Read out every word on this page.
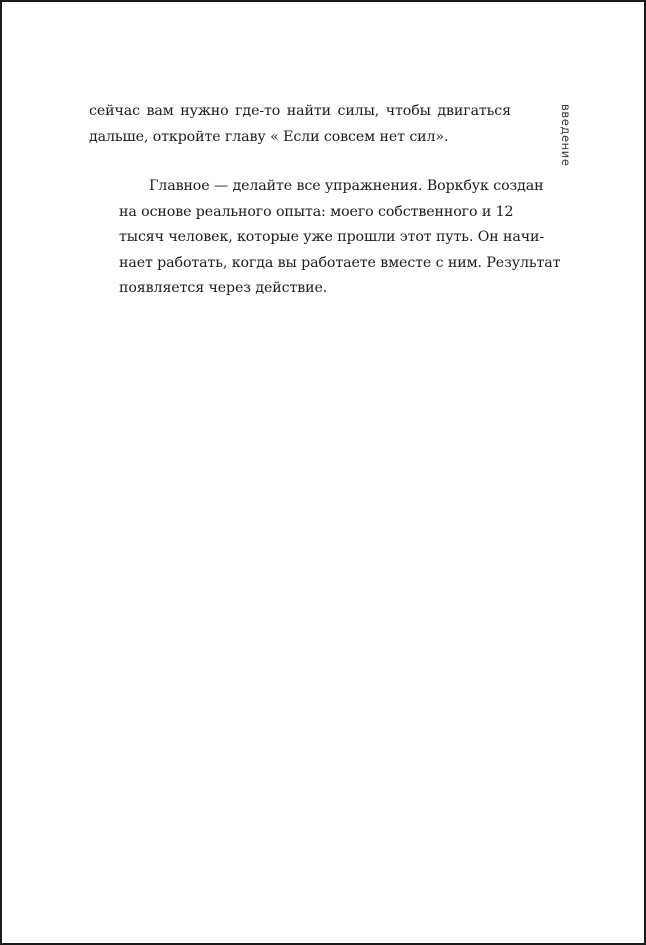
сейчас вам нужно где-то найти силы, чтобы двигаться
дальше, откройте главу « Если совсем нет сил».

Главное — делайте все упражнения. Воркбук создан
на основе реального опыта: моего собственного и 12
тысяч человек, которые уже прошли этот путь. Он начи-
нает работать, когда вы работаете вместе с ним. Результат
появляется через действие.

введение
